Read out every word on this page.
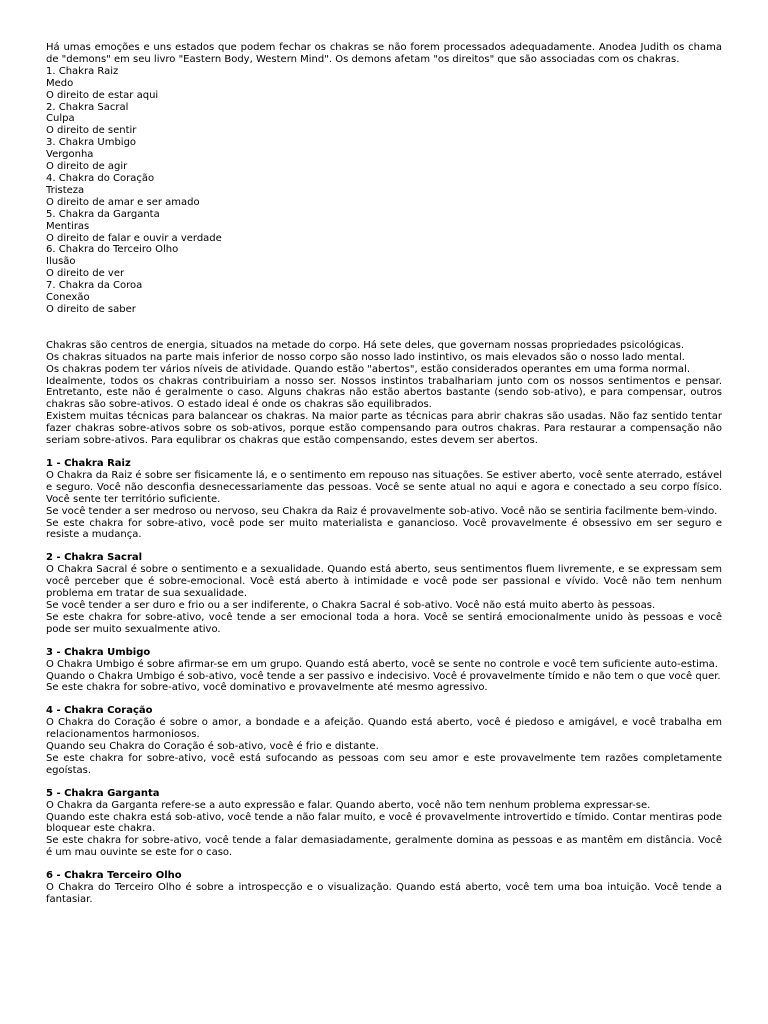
Há umas emoções e uns estados que podem fechar os chakras se não forem processados adequadamente. Anodea Judith os chama de "demons" em seu livro "Eastern Body, Western Mind". Os demons afetam "os direitos" que são associadas com os chakras.
1. Chakra Raiz
Medo
O direito de estar aqui
2. Chakra Sacral
Culpa
O direito de sentir
3. Chakra Umbigo
Vergonha
O direito de agir
4. Chakra do Coração
Tristeza
O direito de amar e ser amado
5. Chakra da Garganta
Mentiras
O direito de falar e ouvir a verdade
6. Chakra do Terceiro Olho
Ilusão
O direito de ver
7. Chakra da Coroa
Conexão
O direito de saber
Chakras são centros de energia, situados na metade do corpo. Há sete deles, que governam nossas propriedades psicológicas.
Os chakras situados na parte mais inferior de nosso corpo são nosso lado instintivo, os mais elevados são o nosso lado mental.
Os chakras podem ter vários níveis de atividade. Quando estão "abertos", estão considerados operantes em uma forma normal.
Idealmente, todos os chakras contribuiriam a nosso ser. Nossos instintos trabalhariam junto com os nossos sentimentos e pensar. Entretanto, este não é geralmente o caso. Alguns chakras não estão abertos bastante (sendo sob-ativo), e para compensar, outros chakras são sobre-ativos. O estado ideal é onde os chakras são equilibrados.
Existem muitas técnicas para balancear os chakras. Na maior parte as técnicas para abrir chakras são usadas. Não faz sentido tentar fazer chakras sobre-ativos sobre os sob-ativos, porque estão compensando para outros chakras. Para restaurar a compensação não seriam sobre-ativos. Para equlibrar os chakras que estão compensando, estes devem ser abertos.
1 - Chakra Raiz
O Chakra da Raiz é sobre ser fisicamente lá, e o sentimento em repouso nas situações. Se estiver aberto, você sente aterrado, estável e seguro. Você não desconfia desnecessariamente das pessoas. Você se sente atual no aqui e agora e conectado a seu corpo físico. Você sente ter território suficiente.
Se você tender a ser medroso ou nervoso, seu Chakra da Raiz é provavelmente sob-ativo. Você não se sentiria facilmente bem-vindo.
Se este chakra for sobre-ativo, você pode ser muito materialista e ganancioso. Você provavelmente é obsessivo em ser seguro e resiste a mudança.
2 - Chakra Sacral
O Chakra Sacral é sobre o sentimento e a sexualidade. Quando está aberto, seus sentimentos fluem livremente, e se expressam sem você perceber que é sobre-emocional. Você está aberto à intimidade e você pode ser passional e vívido. Você não tem nenhum problema em tratar de sua sexualidade.
Se você tender a ser duro e frio ou a ser indiferente, o Chakra Sacral é sob-ativo. Você não está muito aberto às pessoas.
Se este chakra for sobre-ativo, você tende a ser emocional toda a hora. Você se sentirá emocionalmente unido às pessoas e você pode ser muito sexualmente ativo.
3 - Chakra Umbigo
O Chakra Umbigo é sobre afirmar-se em um grupo. Quando está aberto, você se sente no controle e você tem suficiente auto-estima.
Quando o Chakra Umbigo é sob-ativo, você tende a ser passivo e indecisivo. Você é provavelmente tímido e não tem o que você quer.
Se este chakra for sobre-ativo, você dominativo e provavelmente até mesmo agressivo.
4 - Chakra Coração
O Chakra do Coração é sobre o amor, a bondade e a afeição. Quando está aberto, você é piedoso e amigável, e você trabalha em relacionamentos harmoniosos.
Quando seu Chakra do Coração é sob-ativo, você é frio e distante.
Se este chakra for sobre-ativo, você está sufocando as pessoas com seu amor e este provavelmente tem razões completamente egoístas.
5 - Chakra Garganta
O Chakra da Garganta refere-se a auto expressão e falar. Quando aberto, você não tem nenhum problema expressar-se.
Quando este chakra está sob-ativo, você tende a não falar muito, e você é provavelmente introvertido e tímido. Contar mentiras pode bloquear este chakra.
Se este chakra for sobre-ativo, você tende a falar demasiadamente, geralmente domina as pessoas e as mantêm em distância. Você é um mau ouvinte se este for o caso.
6 - Chakra Terceiro Olho
O Chakra do Terceiro Olho é sobre a introspecção e o visualização. Quando está aberto, você tem uma boa intuição. Você tende a fantasiar.
